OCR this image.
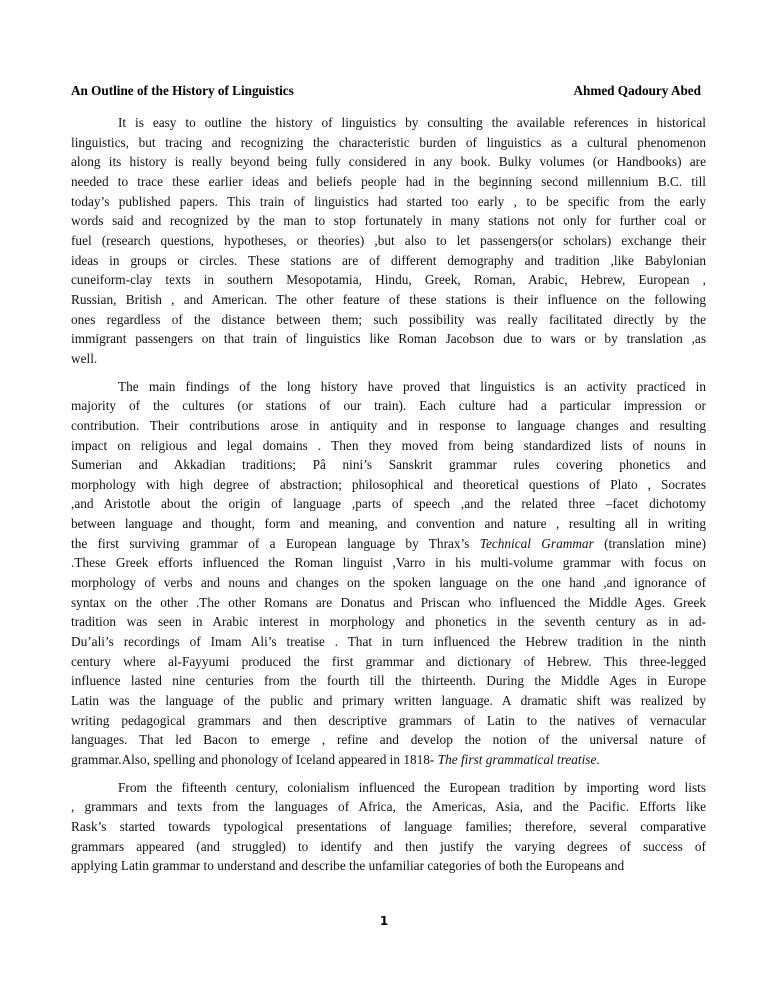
An Outline of the History of Linguistics	Ahmed Qadoury Abed
It is easy to outline the history of linguistics by consulting the available references in historical
linguistics, but tracing and recognizing the characteristic burden of linguistics as a cultural phenomenon
along its history is really beyond being fully considered in any book. Bulky volumes (or Handbooks) are
needed to trace these earlier ideas and beliefs people had in the beginning second millennium B.C. till
today’s published papers. This train of linguistics had started too early , to be specific from the early
words said and recognized by the man to stop fortunately in many stations not only for further coal or
fuel (research questions, hypotheses, or theories) ,but also to let passengers(or scholars) exchange their
ideas in groups or circles. These stations are of different demography and tradition ,like Babylonian
cuneiform-clay texts in southern Mesopotamia, Hindu, Greek, Roman, Arabic, Hebrew, European ,
Russian, British , and American. The other feature of these stations is their influence on the following
ones regardless of the distance between them; such possibility was really facilitated directly by the
immigrant passengers on that train of linguistics like Roman Jacobson due to wars or by translation ,as
well.
The main findings of the long history have proved that linguistics is an activity practiced in
majority of the cultures (or stations of our train). Each culture had a particular impression or
contribution. Their contributions arose in antiquity and in response to language changes and resulting
impact on religious and legal domains . Then they moved from being standardized lists of nouns in
Sumerian and Akkadian traditions; Pâ nini’s Sanskrit grammar rules covering phonetics and
morphology with high degree of abstraction; philosophical and theoretical questions of Plato , Socrates
,and Aristotle about the origin of language ,parts of speech ,and the related three –facet dichotomy
between language and thought, form and meaning, and convention and nature , resulting all in writing
the first surviving grammar of a European language by Thrax’s Technical Grammar (translation mine)
.These Greek efforts influenced the Roman linguist ,Varro in his multi-volume grammar with focus on
morphology of verbs and nouns and changes on the spoken language on the one hand ,and ignorance of
syntax on the other .The other Romans are Donatus and Priscan who influenced the Middle Ages. Greek
tradition was seen in Arabic interest in morphology and phonetics in the seventh century as in ad-
Du’ali’s recordings of Imam Ali’s treatise . That in turn influenced the Hebrew tradition in the ninth
century where al-Fayyumi produced the first grammar and dictionary of Hebrew. This three-legged
influence lasted nine centuries from the fourth till the thirteenth. During the Middle Ages in Europe
Latin was the language of the public and primary written language. A dramatic shift was realized by
writing pedagogical grammars and then descriptive grammars of Latin to the natives of vernacular
languages. That led Bacon to emerge , refine and develop the notion of the universal nature of
grammar.Also, spelling and phonology of Iceland appeared in 1818- The first grammatical treatise.
From the fifteenth century, colonialism influenced the European tradition by importing word lists
, grammars and texts from the languages of Africa, the Americas, Asia, and the Pacific. Efforts like
Rask’s started towards typological presentations of language families; therefore, several comparative
grammars appeared (and struggled) to identify and then justify the varying degrees of success of
applying Latin grammar to understand and describe the unfamiliar categories of both the Europeans and
1
